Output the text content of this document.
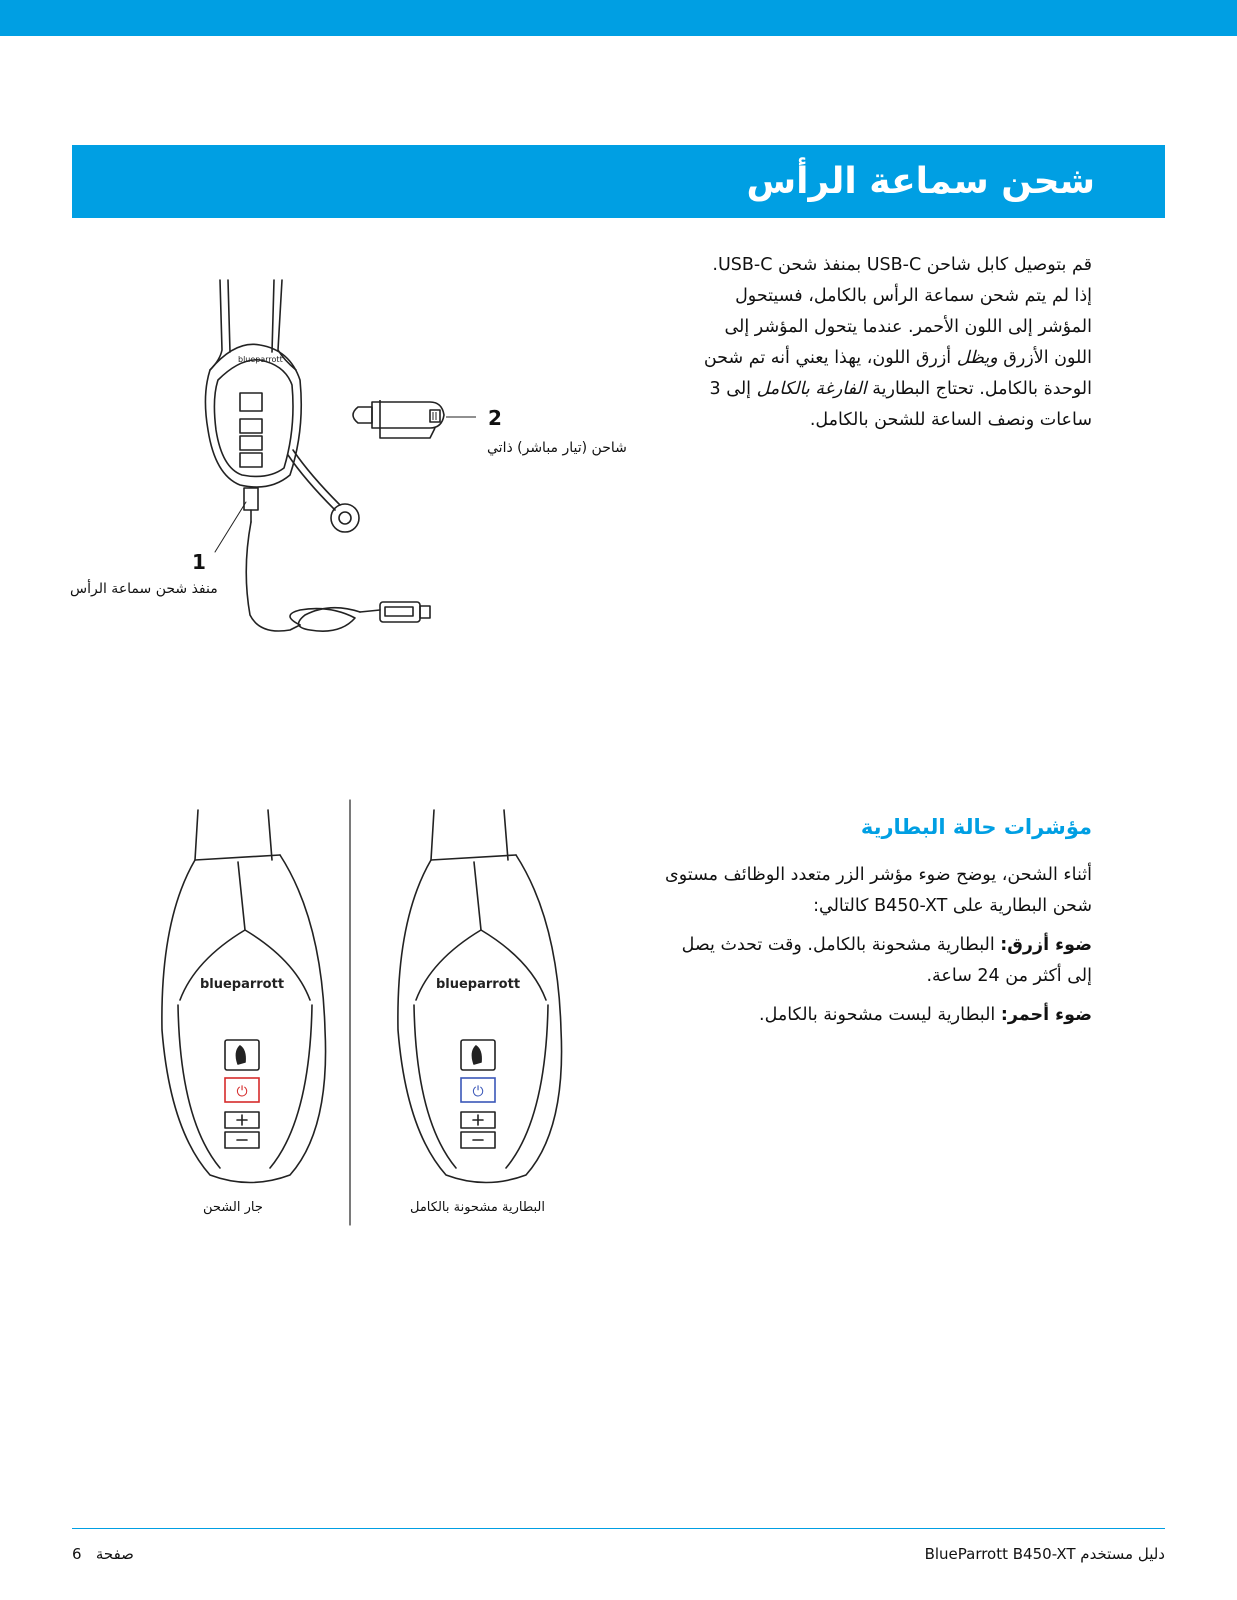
شحن سماعة الرأس

قم بتوصيل كابل شاحن USB-C بمنفذ شحن USB-C. إذا لم يتم شحن سماعة الرأس بالكامل، فسيتحول المؤشر إلى اللون الأحمر. عندما يتحول المؤشر إلى اللون الأزرق ويظل أزرق اللون، يهذا يعني أنه تم شحن الوحدة بالكامل. تحتاج البطارية الفارغة بالكامل إلى 3 ساعات ونصف الساعة للشحن بالكامل.

blueparrott
2
شاحن (تيار مباشر) ذاتي
1
منفذ شحن سماعة الرأس
مؤشرات حالة البطارية

أثناء الشحن، يوضح ضوء مؤشر الزر متعدد الوظائف مستوى شحن البطارية على B450-XT كالتالي:

ضوء أزرق: البطارية مشحونة بالكامل. وقت تحدث يصل إلى أكثر من 24 ساعة.

ضوء أحمر: البطارية ليست مشحونة بالكامل.

⏻	⏻
blueparrott	blueparrott
جار الشحن	البطارية مشحونة بالكامل
6 صفحة	دليل مستخدم BlueParrott B450-XT
